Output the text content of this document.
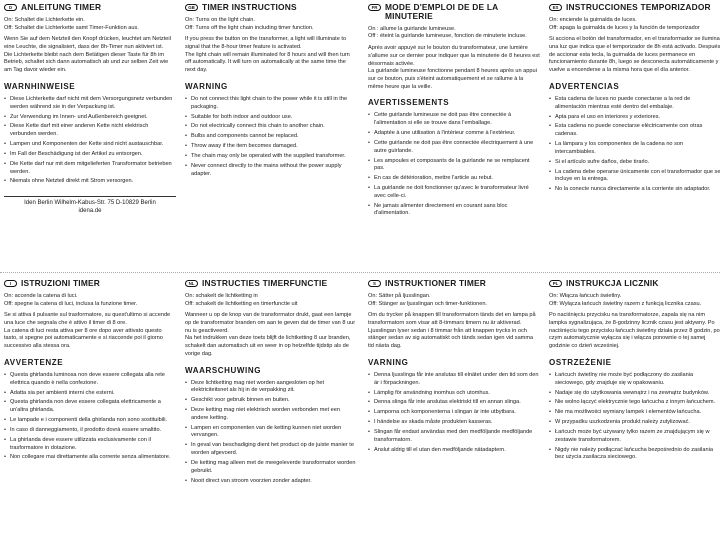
D	ANLEITUNG TIMER
On: Schaltet die Lichterkette ein.
Off: Schaltet die Lichterkette samt Timer-Funktion aus.
Wenn Sie auf dem Netzteil den Knopf drücken, leuchtet am Netzteil eine Leuchte, die signalisiert, dass der 8h-Timer nun aktiviert ist.
Die Lichterkette bleibt nach dem Betätigen dieser Taste für 8h im Betrieb, schaltet sich dann automatisch ab und zur selben Zeit wie am Tag davor wieder ein.
WARNHINWEISE
• Diese Lichterkette darf nicht mit dem Versorgungsnetz verbunden werden während sie in der Verpackung ist.
• Zur Verwendung im Innen- und Außenbereich geeignet.
• Diese Kette darf mit einer anderen Kette nicht elektrisch verbunden werden.
• Lampen und Komponenten der Kette sind nicht austauschbar.
• Im Fall der Beschädigung ist der Artikel zu entsorgen.
• Die Kette darf nur mit dem mitgelieferten Transformator betrieben werden.
• Niemals ohne Netzteil direkt mit Strom versorgen.
Iden Berlin Wilhelm-Kabus-Str. 75 D-10829 Berlin
idena.de
GB TIMER INSTRUCTIONS
On: Turns on the light chain.
Off: Turns off the light chain including timer function.
If you press the button on the transformer, a light will illuminate to signal that the 8-hour timer feature is activated.
The light chain will remain illuminated for 8 hours and will then turn off automatically. It will turn on automatically at the same time the next day.
WARNING
• Do not connect this light chain to the power while it is still in the packaging.
• Suitable for both indoor and outdoor use.
• Do not electrically connect this chain to another chain.
• Bulbs and components cannot be replaced.
• Throw away if the item becomes damaged.
• The chain may only be operated with the supplied transformer.
• Never connect directly to the mains without the power supply adapter.
FR MODE D'EMPLOI DE DE LA MINUTERIE
On : allume la guirlande lumineuse.
Off : éteint la guirlande lumineuse, fonction de minuterie incluse.
Après avoir appuyé sur le bouton du transformateur, une lumière s'allume sur ce dernier pour indiquer que la minuterie de 8 heures est désormais activée.
La guirlande lumineuse fonctionne pendant 8 heures après un appui sur ce bouton, puis s'éteint automatiquement et se rallume à la même heure que la veille.
AVERTISSEMENTS
• Cette guirlande lumineuse ne doit pas être connectée à l'alimentation si elle se trouve dans l'emballage.
• Adaptée à une utilisation à l'intérieur comme à l'extérieur.
• Cette guirlande ne doit pas être connectée électriquement à une autre guirlande.
• Les ampoules et composants de la guirlande ne se remplacent pas.
• En cas de détérioration, mettre l'article au rebut.
• La guirlande ne doit fonctionner qu'avec le transformateur livré avec celle-ci.
• Ne jamais alimenter directement en courant sans bloc d'alimentation.
ES INSTRUCCIONES TEMPORIZADOR
On: enciende la guirnalda de luces.
Off: apaga la guirnalda de luces y la función de temporizador
Si acciona el botón del transformador, en el transformador se ilumina una luz que indica que el temporizador de 8h está activado. Después de accionar esta tecla, la guirnalda de luces permanece en funcionamiento durante 8h, luego se desconecta automáticamente y vuelve a encenderse a la misma hora que el día anterior.
ADVERTENCIAS
• Esta cadena de luces no puede conectarse a la red de alimentación mientras esté dentro del embalaje.
• Apta para el uso en interiores y exteriores.
• Esta cadena no puede conectarse eléctricamente con otras cadenas.
• La lámpara y los componentes de la cadena no son intercambiables.
• Si el artículo sufre daños, debe tirarlo.
• La cadena debe operarse únicamente con el transformador que se incluye en la entrega.
• No la conecte nunca directamente a la corriente sin adaptador.
I	ISTRUZIONI TIMER
On: accende la catena di luci.
Off: spegne la catena di luci, inclusa la funzione timer.
Se si attiva il pulsante sul trasformatore, su quest'ultimo si accende una luce che segnala che è attivo il timer di 8 ore.
La catena di luci resta attiva per 8 ore dopo aver attivato questo tasto, si spegne poi automaticamente e si riaccende poi il giorno successivo alla stessa ora.
AVVERTENZE
• Questa ghirlanda luminosa non deve essere collegata alla rete elettrica quando è nella confezione.
• Adatta sia per ambienti interni che esterni.
• Questa ghirlanda non deve essere collegata elettricamente a un'altra ghirlanda.
• Le lampade e i componenti della ghirlanda non sono sostituibili.
• In caso di danneggiamento, il prodotto dovrà essere smaltito.
• La ghirlanda deve essere utilizzata esclusivamente con il trasformatore in dotazione.
• Non collegare mai direttamente alla corrente senza alimentatore.
NL INSTRUCTIES TIMERFUNCTIE
On: schakelt de lichtketting in
Off: schakelt de lichtketting en timerfunctie uit
Wanneer u op de knop van de transformator drukt, gaat een lampje op de transformator branden om aan te geven dat de timer van 8 uur nu is geactiveerd.
Na het indrukken van deze toets blijft de lichtketting 8 uur branden, schakelt dan automatisch uit en weer in op hetzelfde tijdstip als de vorige dag.
WAARSCHUWING
• Deze lichtketting mag niet worden aangesloten op het elektriciteitsnet als hij in de verpakking zit.
• Geschikt voor gebruik binnen en buiten.
• Deze ketting mag niet elektrisch worden verbonden met een andere ketting.
• Lampen en componenten van de ketting kunnen niet worden vervangen.
• In geval van beschadiging dient het product op de juiste manier te worden afgevoerd.
• De ketting mag alleen met de meegeleverde transformator worden gebruikt.
• Nooit direct van stroom voorzien zonder adapter.
S	INSTRUKTIONER TIMER
On: Sätter på ljusslingan.
Off: Stänger av ljusslingan och timer-funktionen.
Om du trycker på knappen till transformatorn tänds det en lampa på transformatorn som visar att 8-timmars timern nu är aktiverad.
Ljusslingan lyser sedan i 8 timmar från att knappen trycks in och stänger sedan av sig automatiskt och tänds sedan igen vid samma tid nästa dag.
VARNING
• Denna ljusslinga får inte anslutas till elnätet under den tid som den är i förpackningen.
• Lämplig för användning inomhus och utomhus.
• Denna slinga får inte anslutas elektriskt till en annan slinga.
• Lamporna och komponenterna i slingan är inte utbytbara.
• I händelse av skada måste produkten kasseras.
• Slingan får endast användas med den medföljande medföljande transformatorn.
• Anslut aldrig till el utan den medföljande nätadaptern.
PL INSTRUKCJA LICZNIK
On: Włącza łańcuch świetlny.
Off: Wyłącza łańcuch świetlny razem z funkcją licznika czasu.
Po naciśnięciu przycisku na transformatorze, zapala się na nim lampka sygnalizująca, że 8-godzinny licznik czasu jest aktywny. Po naciśnięciu tego przycisku łańcuch świetlny działa przez 8 godzin, po czym automatycznie wyłącza się i włącza ponownie o tej samej godzinie co dzień wcześniej.
OSTRZEŻENIE
• Łańcuch świetlny nie może być podłączony do zasilania sieciowego, gdy znajduje się w opakowaniu.
• Nadaje się do użytkowania wewnątrz i na zewnątrz budynków.
• Nie wolno łączyć elektrycznie tego łańcucha z innym łańcuchem.
• Nie ma możliwości wymiany lampek i elementów łańcucha.
• W przypadku uszkodzenia produkt należy zutylizować.
• Łańcuch może być używany tylko razem ze znajdującym się w zestawie transformatorem.
• Nigdy nie należy podłączać łańcucha bezpośrednio do zasilania bez użycia zasilacza sieciowego.
